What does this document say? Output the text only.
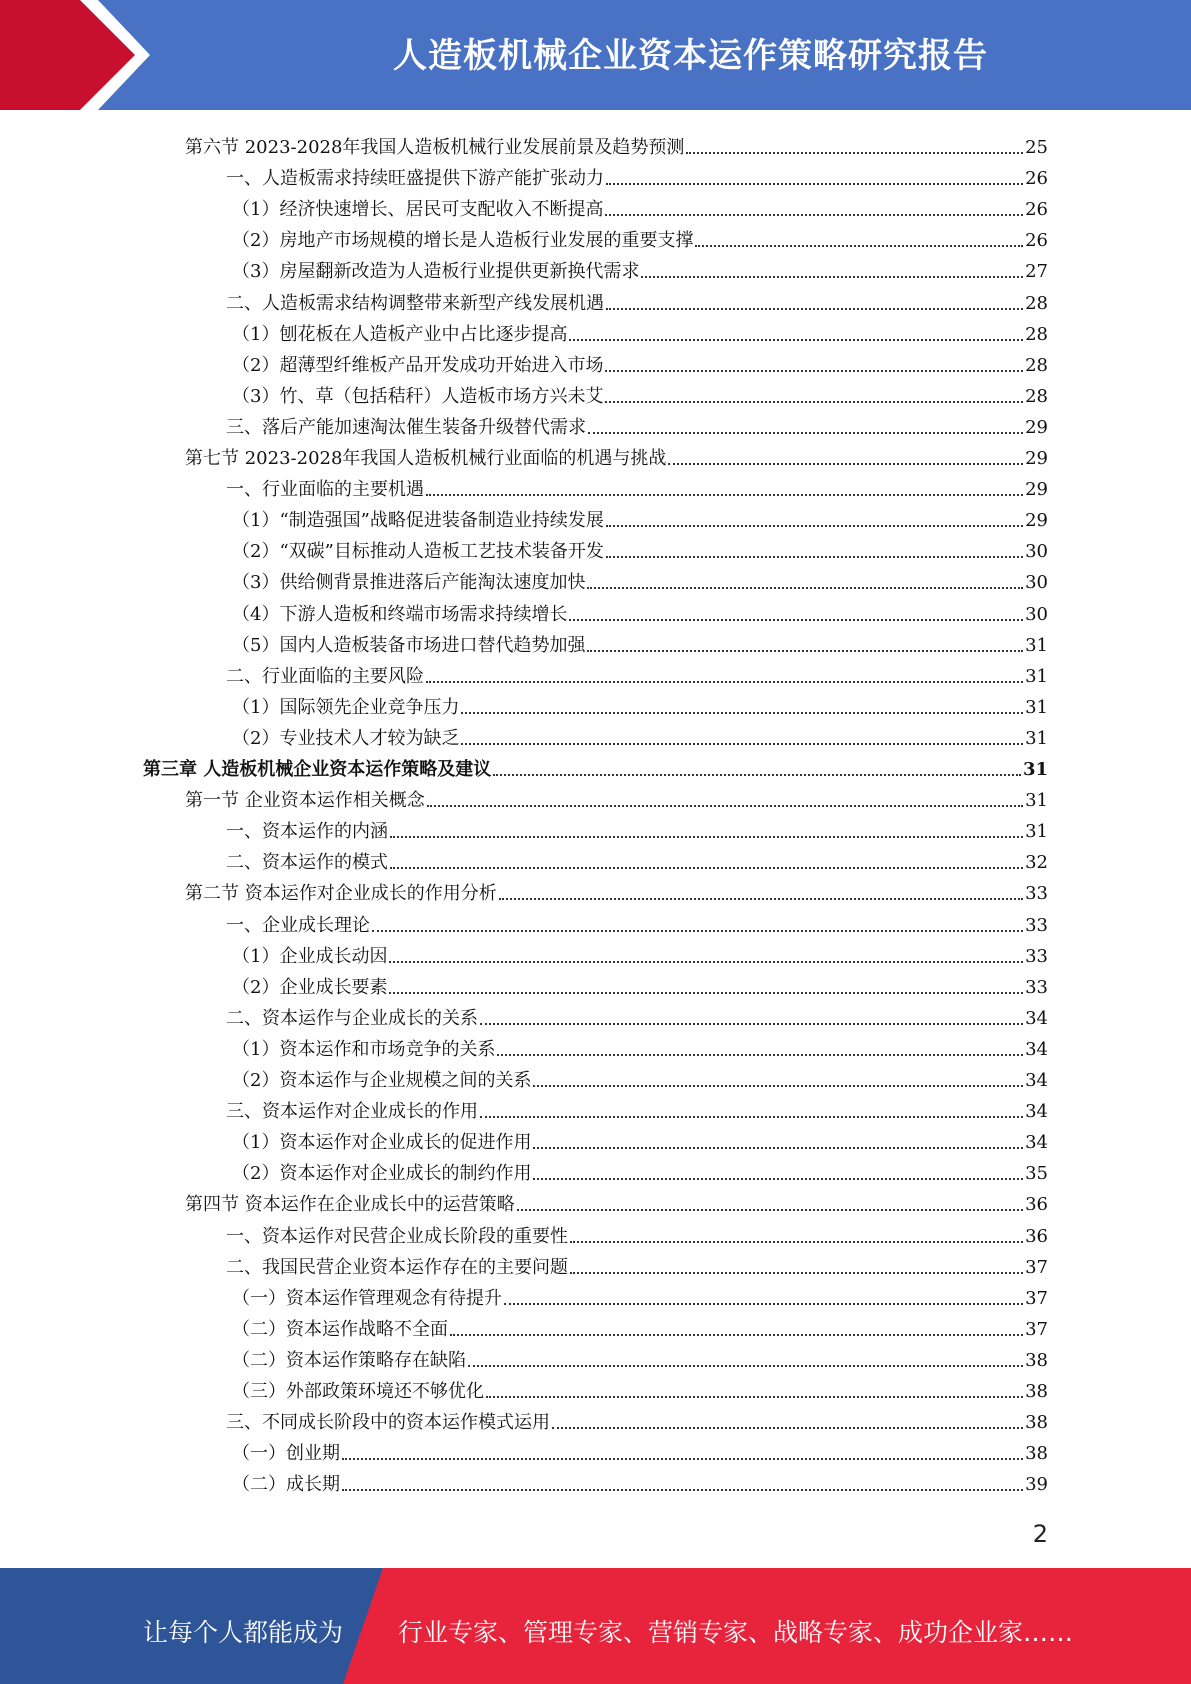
人造板机械企业资本运作策略研究报告
第六节 2023-2028年我国人造板机械行业发展前景及趋势预测	25
一、人造板需求持续旺盛提供下游产能扩张动力	26
（1）经济快速增长、居民可支配收入不断提高	26
（2）房地产市场规模的增长是人造板行业发展的重要支撑	26
（3）房屋翻新改造为人造板行业提供更新换代需求	27
二、人造板需求结构调整带来新型产线发展机遇	28
（1）刨花板在人造板产业中占比逐步提高	28
（2）超薄型纤维板产品开发成功开始进入市场	28
（3）竹、草（包括秸秆）人造板市场方兴未艾	28
三、落后产能加速淘汰催生装备升级替代需求	29
第七节 2023-2028年我国人造板机械行业面临的机遇与挑战	29
一、行业面临的主要机遇	29
（1）“制造强国”战略促进装备制造业持续发展	29
（2）“双碳”目标推动人造板工艺技术装备开发	30
（3）供给侧背景推进落后产能淘汰速度加快	30
（4）下游人造板和终端市场需求持续增长	30
（5）国内人造板装备市场进口替代趋势加强	31
二、行业面临的主要风险	31
（1）国际领先企业竞争压力	31
（2）专业技术人才较为缺乏	31
第三章 人造板机械企业资本运作策略及建议	31
第一节 企业资本运作相关概念	31
一、资本运作的内涵	31
二、资本运作的模式	32
第二节 资本运作对企业成长的作用分析	33
一、企业成长理论	33
（1）企业成长动因	33
（2）企业成长要素	33
二、资本运作与企业成长的关系	34
（1）资本运作和市场竞争的关系	34
（2）资本运作与企业规模之间的关系	34
三、资本运作对企业成长的作用	34
（1）资本运作对企业成长的促进作用	34
（2）资本运作对企业成长的制约作用	35
第四节 资本运作在企业成长中的运营策略	36
一、资本运作对民营企业成长阶段的重要性	36
二、我国民营企业资本运作存在的主要问题	37
（一）资本运作管理观念有待提升	37
（二）资本运作战略不全面	37
（二）资本运作策略存在缺陷	38
（三）外部政策环境还不够优化	38
三、不同成长阶段中的资本运作模式运用	38
（一）创业期	38
（二）成长期	39
2
让每个人都能成为 行业专家、管理专家、营销专家、战略专家、成功企业家……
